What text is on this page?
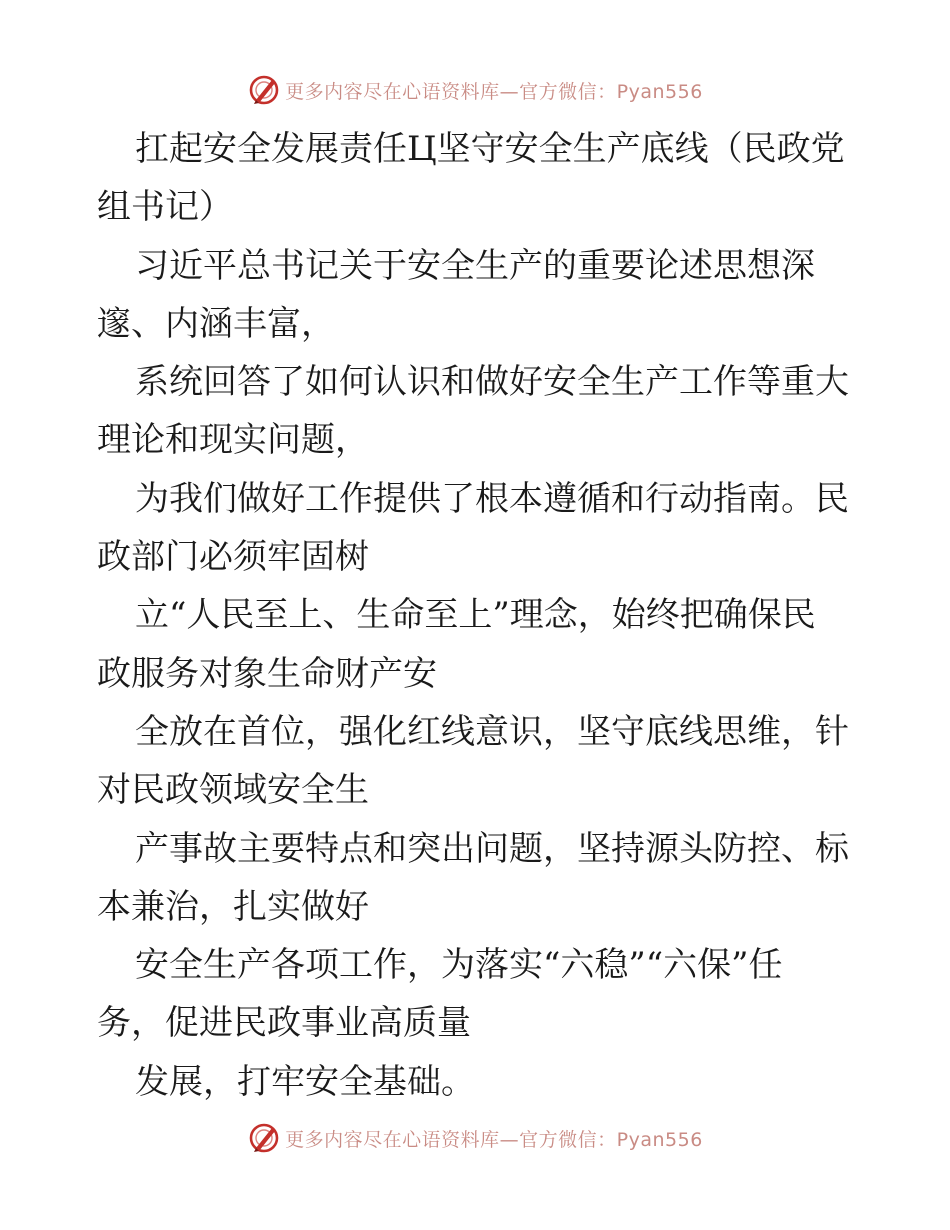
更多内容尽在心语资料库—官方微信：Pyan556
扛起安全发展责任Ц坚守安全生产底线（民政党
组书记）
习近平总书记关于安全生产的重要论述思想深
邃、内涵丰富，
系统回答了如何认识和做好安全生产工作等重大
理论和现实问题，
为我们做好工作提供了根本遵循和行动指南。民
政部门必须牢固树
立“人民至上、生命至上”理念，始终把确保民
政服务对象生命财产安
全放在首位，强化红线意识，坚守底线思维，针
对民政领域安全生
产事故主要特点和突出问题，坚持源头防控、标
本兼治，扎实做好
安全生产各项工作，为落实“六稳”“六保”任
务，促进民政事业高质量
发展，打牢安全基础。
更多内容尽在心语资料库—官方微信：Pyan556
